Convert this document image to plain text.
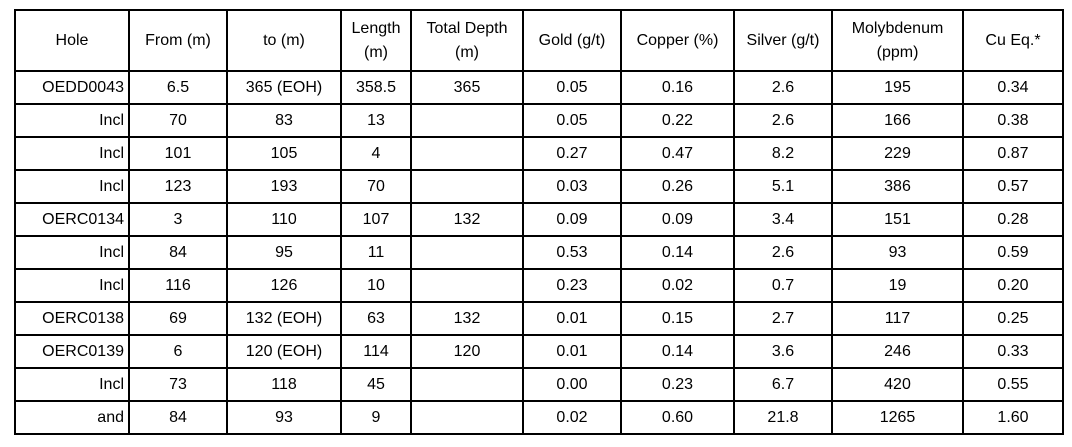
Hole	From (m)	to (m)	Length (m)	Total Depth (m)	Gold (g/t)	Copper (%)	Silver (g/t)	Molybdenum (ppm)	Cu Eq.*
OEDD0043	6.5	365 (EOH)	358.5	365	0.05	0.16	2.6	195	0.34
Incl	70	83	13		0.05	0.22	2.6	166	0.38
Incl	101	105	4		0.27	0.47	8.2	229	0.87
Incl	123	193	70		0.03	0.26	5.1	386	0.57
OERC0134	3	110	107	132	0.09	0.09	3.4	151	0.28
Incl	84	95	11		0.53	0.14	2.6	93	0.59
Incl	116	126	10		0.23	0.02	0.7	19	0.20
OERC0138	69	132 (EOH)	63	132	0.01	0.15	2.7	117	0.25
OERC0139	6	120 (EOH)	114	120	0.01	0.14	3.6	246	0.33
Incl	73	118	45		0.00	0.23	6.7	420	0.55
and	84	93	9		0.02	0.60	21.8	1265	1.60
